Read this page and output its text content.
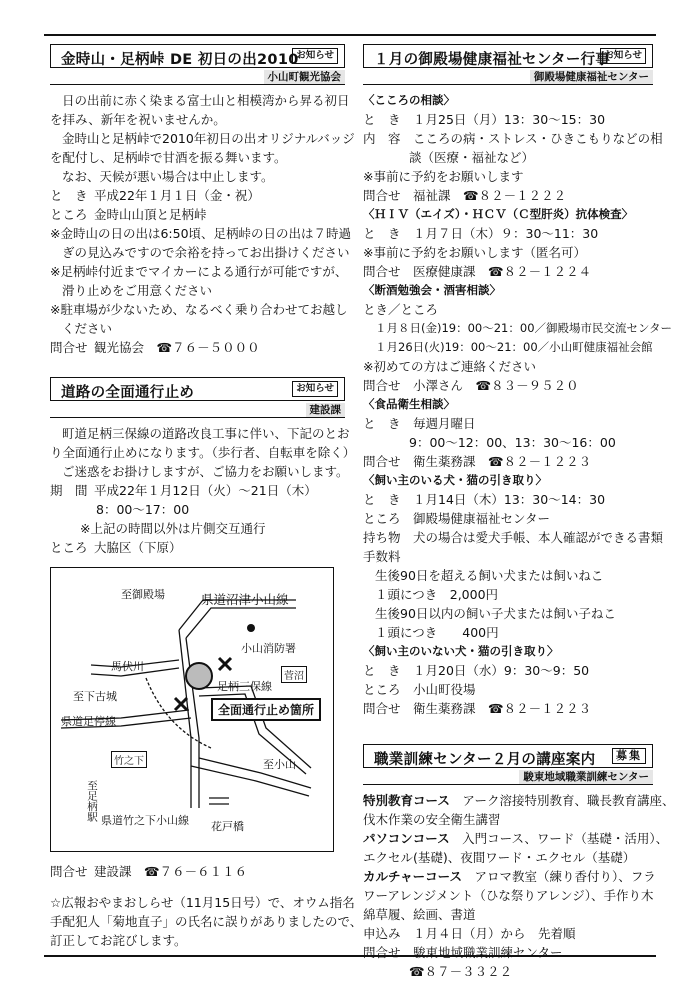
金時山・足柄峠 DE 初日の出2010
お知らせ
小山町観光協会
日の出前に赤く染まる富士山と相模湾から昇る初日
を拝み、新年を祝いませんか。
金時山と足柄峠で2010年初日の出オリジナルバッジ
を配付し、足柄峠で甘酒を振る舞います。
なお、天候が悪い場合は中止します。
と　き 平成22年１月１日（金・祝）
ところ 金時山山頂と足柄峠
※金時山の日の出は6:50頃、足柄峠の日の出は７時過
ぎの見込みですので余裕を持ってお出掛けください
※足柄峠付近までマイカーによる通行が可能ですが、
滑り止めをご用意ください
※駐車場が少ないため、なるべく乗り合わせてお越し
ください
問合せ 観光協会　☎７６－５０００
道路の全面通行止め	お知らせ
建設課
町道足柄三保線の道路改良工事に伴い、下記のとお
り全面通行止めになります。（歩行者、自転車を除く）
ご迷惑をお掛けしますが、ご協力をお願いします。
期　間 平成22年１月12日（火）～21日（木）
8：00～17：00
※上記の時間以外は片側交互通行
ところ 大脇区（下原）
至御殿場	県道沼津小山線
小山消防署
馬伏川
菅沼
足柄三保線
至下古城
全面通行止め箇所
県道足停線
竹之下	至小山
至足柄駅 県道竹之下小山線 花戸橋
問合せ 建設課　☎７６－６１１６
☆広報おやまおしらせ（11月15日号）で、オウム指名
手配犯人「菊地直子」の氏名に誤りがありましたので、
訂正してお詫びします。
１月の御殿場健康福祉センター行事
お知らせ
御殿場健康福祉センター
〈こころの相談〉
と　き　１月25日（月）13：30～15：30
内　容　こころの病・ストレス・ひきこもりなどの相
談（医療・福祉など）
※事前に予約をお願いします
問合せ　福祉課　☎８２－１２２２
〈ＨＩＶ（エイズ）・ＨＣＶ（Ｃ型肝炎）抗体検査〉
と　き　１月７日（木）９：30～11：30
※事前に予約をお願いします（匿名可）
問合せ　医療健康課　☎８２－１２２４
〈断酒勉強会・酒害相談〉
とき／ところ
１月８日(金)19：00～21：00／御殿場市民交流センター
１月26日(火)19：00～21：00／小山町健康福祉会館
※初めての方はご連絡ください
問合せ　小澤さん　☎８３－９５２０
〈食品衛生相談〉
と　き　毎週月曜日
9：00～12：00、13：30～16：00
問合せ　衛生薬務課　☎８２－１２２３
〈飼い主のいる犬・猫の引き取り〉
と　き　１月14日（木）13：30～14：30
ところ　御殿場健康福祉センター
持ち物　犬の場合は愛犬手帳、本人確認ができる書類
手数料
生後90日を超える飼い犬または飼いねこ
１頭につき　2,000円
生後90日以内の飼い子犬または飼い子ねこ
１頭につき　　400円
〈飼い主のいない犬・猫の引き取り〉
と　き　１月20日（水）9：30～9：50
ところ　小山町役場
問合せ　衛生薬務課　☎８２－１２２３
職業訓練センター２月の講座案内	募集
駿東地域職業訓練センター
特別教育コース　アーク溶接特別教育、職長教育講座、
伐木作業の安全衛生講習
パソコンコース　入門コース、ワード（基礎・活用）、
エクセル(基礎)、夜間ワード・エクセル（基礎）
カルチャーコース　アロマ教室（練り香付り）、フラ
ワーアレンジメント（ひな祭りアレンジ）、手作り木
綿草履、絵画、書道
申込み　１月４日（月）から　先着順
問合せ　駿東地域職業訓練センター
☎８７－３３２２
